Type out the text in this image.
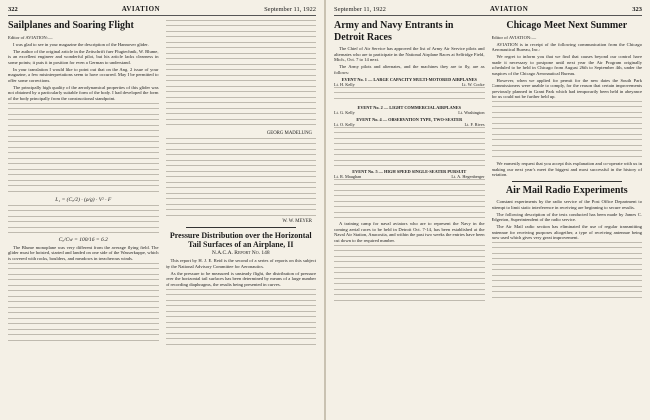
322	AVIATION	September 11, 1922
Sailplanes and Soaring Flight

Editor of AVIATION:—

I was glad to see in your magazine the description of the Hannover glider.

The author of the original article in the Zeitschrift fuer Flugtechnik, W. Blume, is an excellent engineer and wonderful pilot, but his article lacks clearness in some points; it puts it in position for even a German to understand.

In your translation I would like to point out that on the Ang. 2 issue of your magazine, a few misinterpretations seem to have occurred. May I be permitted to offer some corrections.

The principally high quality of the aerodynamical properties of this glider was not obtained by a particularly suitable form of the body. I had developed the form of the body principally from the constructional standpoint.

L₁ = (Cₐ/2) · (ρ/g) · V² · F
Cₐ/Cw = 100/16 = 6.2

The Blume monoplane was very different from the average flying field. The glider must be hoisted, started and landed on one side of the Wasserkuppe, which is covered with rocks, boulders, and meadows in treacherous winds.

GEORG MADELUNG
W. W. MEYER
Pressure Distribution over the Horizontal Tail Surfaces of an Airplane, II
N.A.C.A. Report No. 148

This report by H. J. E. Reid is the second of a series of reports on this subject by the National Advisory Committee for Aeronautics.

As the pressure to be measured is unsteady flight, the distribution of pressure over the horizontal tail surfaces has been determined by means of a large number of recording diaphragms, the results being presented in curves.

September 11, 1922	AVIATION	323
Army and Navy Entrants in Detroit Races

The Chief of Air Service has approved the list of Army Air Service pilots and alternates who are to participate in the National Airplane Races at Selfridge Field, Mich., Oct. 7 to 14 next.

The Army pilots and alternates, and the machines they are to fly, are as follows:

EVENT No. 1 — LARGE CAPACITY MULTI-MOTORED AIRPLANES
Lt. H. Kelly	Lt. W. Cocke
EVENT No. 2 — LIGHT COMMERCIAL AIRPLANES
Lt. G. Kelly	Lt. Washington
EVENT No. 4 — OBSERVATION TYPE, TWO-SEATER
Lt. O. Kelly	Lt. F. Rives
EVENT No. 5 — HIGH SPEED SINGLE-SEATER PURSUIT
Lt. R. Maughan	Lt. A. Hegenberger

A training camp for naval aviators who are to represent the Navy in the coming aerial races to be held in Detroit Oct. 7-14, has been established at the Naval Air Station, Anacostia, and within the past two weeks the entries have been cut down to the required number.

Chicago Meet Next Summer

Editor of AVIATION:—

AVIATION is in receipt of the following communication from the Chicago Aeronautical Bureau, Inc.:

We regret to inform you that we find that causes beyond our control have made it necessary to postpone until next year the Air Program originally scheduled to be held in Chicago from August 26th to September 4th, under the auspices of the Chicago Aeronautical Bureau.

However, when we applied for permit for the new dates the South Park Commissioners were unable to comply, for the reason that certain improvements previously planned in Grant Park which had temporarily been held in abeyance for us could not be further held up.

We earnestly request that you accept this explanation and co-operate with us in making our next year's meet the biggest and most successful in the history of aviation.

Air Mail Radio Experiments

Constant experiments by the radio service of the Post Office Department to attempt to limit static interference in receiving are beginning to secure results.

The following description of the tests conducted has been made by James C. Edgerton, Superintendent of the radio service.

The Air Mail radio section has eliminated the use of regular transmitting antennae for receiving purposes altogether, a type of receiving antennae being now used which gives very great improvement.
